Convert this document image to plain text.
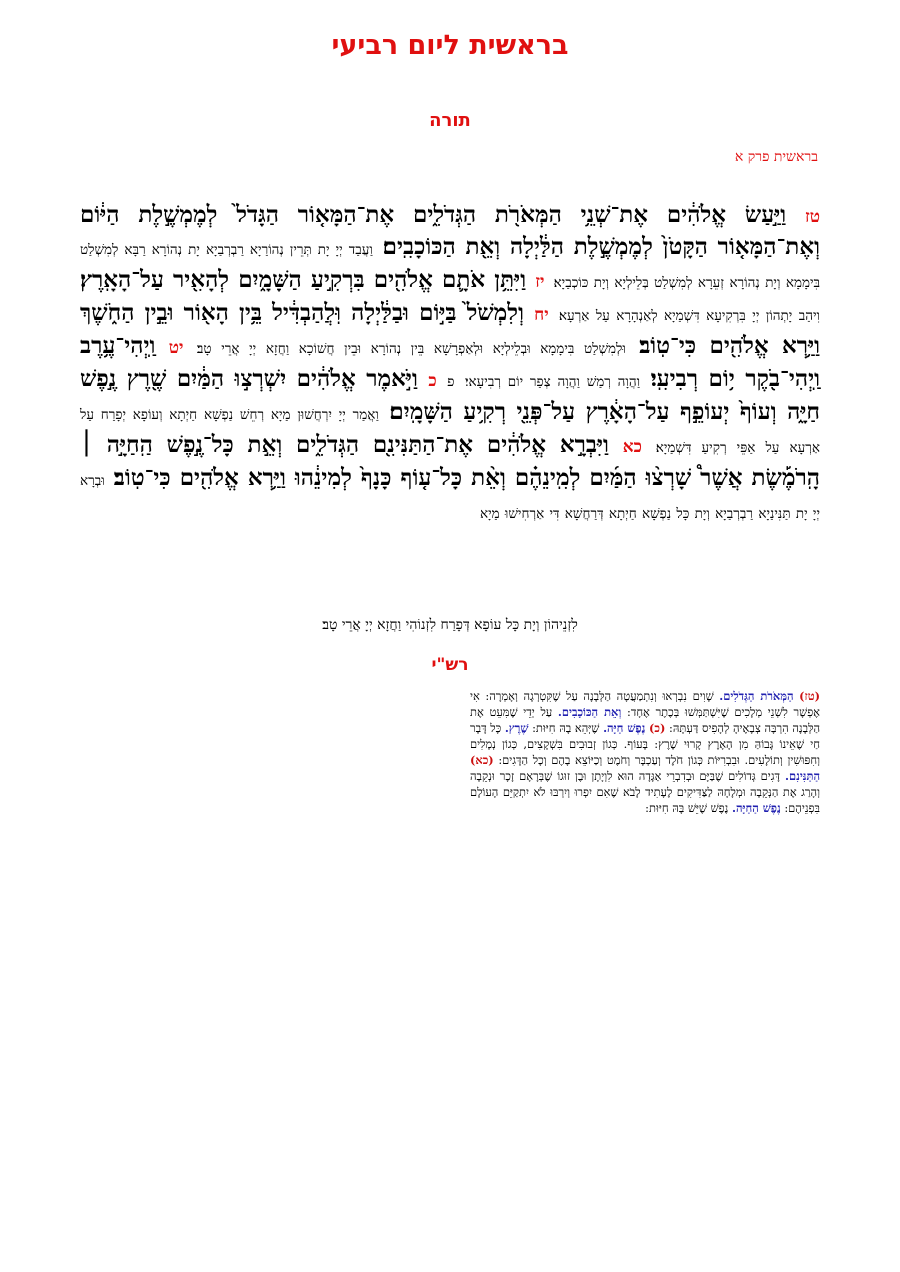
בראשית ליום רביעי
תורה
בראשית פרק א
טז וַיַּ֣עַשׂ אֱלֹהִ֔ים אֶת־שְׁנֵ֥י הַמְּאֹרֹ֖ת הַגְּדֹלִ֑ים אֶת־הַמָּא֤וֹר הַגָּדֹל֙ לְמֶמְשֶׁ֣לֶת הַיּ֔וֹם וְאֶת־הַמָּא֤וֹר הַקָּטֹן֙ לְמֶמְשֶׁ֣לֶת הַלַּ֔יְלָה וְאֵ֖ת הַכּוֹכָבִֽים׃ וַעֲבַד יְיָ יָת תְּרֵין נְהוֹרַיָא רַבְרְבַיָא יָת נְהוֹרָא רַבָּא לְמִשְׁלַט בִּימָמָא וְיָת נְהוֹרָא זְעֵרָא לְמִשְׁלַט בְּלֵילְיָא וְיָת כּוֹכְבַיָא׃ יז וַיִּתֵּ֥ן אֹתָ֛ם אֱלֹהִ֖ים בִּרְקִ֣יעַ הַשָּׁמָ֑יִם לְהָאִ֖יר עַל־הָאָֽרֶץ׃ וִיהַב יָתְהוֹן יְיָ בִּרְקִיעָא דִּשְׁמַיָא לְאַנְהָרָא עַל אַרְעָא׃ יח וְלִמְשֹׁל֙ בַּיּ֣וֹם וּבַלַּ֔יְלָה וּֽלֲהַבְדִּ֔יל בֵּ֥ין הָא֖וֹר וּבֵ֣ין הַחֹ֑שֶׁךְ וַיַּ֥רְא אֱלֹהִ֖ים כִּי־טֽוֹב׃ וּלְמִשְׁלַט בִּימָמָא וּבְלֵילְיָא וּלְאַפְרָשָׁא בֵּין נְהוֹרָא וּבֵין חֲשׁוֹכָא וַחֲזָא יְיָ אֲרֵי טָב׃ יט וַֽיְהִי־עֶ֥רֶב וַֽיְהִי־בֹ֖קֶר י֥וֹם רְבִיעִֽי׃ וַהֲוָה רְמַשׁ וַהֲוָה צְפַר יוֹם רְבִיעָאי׃ פ כ וַיֹּ֣אמֶר אֱלֹהִ֔ים יִשְׁרְצ֣וּ הַמַּ֔יִם שֶׁ֖רֶץ נֶ֣פֶשׁ חַיָּ֑ה וְעוֹף֙ יְעוֹפֵ֣ף עַל־הָאָ֔רֶץ עַל־פְּנֵ֖י רְקִ֥יעַ הַשָּׁמָֽיִם׃ וַאֲמַר יְיָ יִרְחֲשׁוּן מַיָא רְחֵשׁ נַפְשָׁא חַיְתָא וְעוֹפָא יְפָרַח עַל אַרְעָא עַל אַפֵּי רְקִיעַ דִּשְׁמַיָא׃ כא וַיִּבְרָ֣א אֱלֹהִ֔ים אֶת־הַתַּנִּינִ֖ם הַגְּדֹלִ֑ים וְאֵ֣ת כָּל־נֶ֣פֶשׁ הַֽחַיָּ֣ה ׀ הָֽרֹמֶ֡שֶׂת אֲשֶׁר֩ שָׁרְצ֨וּ הַמַּ֜יִם לְמִֽינֵהֶ֗ם וְאֵ֨ת כָּל־ע֤וֹף כָּנָף֙ לְמִינֵ֔הוּ וַיַּ֥רְא אֱלֹהִ֖ים כִּי־טֽוֹב׃ וּבְרָא יְיָ יָת תַּנִּינַיָא רַבְרְבַיָא וְיָת כָּל נַפְשָׁא חַיְתָא דְּרַחֲשָׁא דִּי אַרְחִישׁוּ מַיָא
לִזְנֵיהוֹן וְיָת כָּל עוֹפָא דְּפָרַח לִזְנוֹהִי וַחֲזָא יְיָ אֲרֵי טָב׃
רש"י
(טז) הַמְּאֹרֹת הַגְּדֹלִים. שָׁוִים נִבְרְאוּ וְנִתְמַעֲטָה הַלְּבָנָה עַל שֶׁקִּטְרְגָה וְאָמְרָה: אִי אֶפְשָׁר לִשְׁנֵי מְלָכִים שֶׁיִּשְׁתַּמְּשׁוּ בְּכֶתֶר אֶחָד: וְאֵת הַכּוֹכָבִים. עַל יְדֵי שֶׁמִּעֵט אֶת הַלְּבָנָה הִרְבָּה צְבָאֶיהָ לְהָפִיס דַּעְתָּהּ: (כ) נֶפֶשׁ חַיָּה. שֶׁיְּהֵא בָהּ חִיּוּת: שֶׁרֶץ. כָּל דָּבָר חַי שֶׁאֵינוֹ גָּבוֹהַּ מִן הָאָרֶץ קָרוּי שֶׁרֶץ: בָּעוֹף. כְּגוֹן זְבוּבִים בִּשְׁקָצִים, כְּגוֹן נְמָלִים וְחִפּוּשִׁין וְתוֹלָעִים. וּבִבְרִיּוֹת כְּגוֹן חֹלֶד וְעַכְבָּר וְחֹמֶט וְכַיּוֹצֵא בָהֶם וְכָל הַדָּגִים: (כא) הַתַּנִּינִם. דָּגִים גְּדוֹלִים שֶׁבַּיָּם וּבְדִבְרֵי אַגָּדָה הוּא לִוְיָתָן וּבֶן זוּגוֹ שֶׁבְּרָאָם זָכָר וּנְקֵבָה וְהָרַג אֶת הַנְּקֵבָה וּמְלָחָהּ לַצַּדִּיקִים לֶעָתִיד לָבֹא שֶׁאִם יִפְרוּ וְיִרְבּוּ לֹא יִתְקַיֵּם הָעוֹלָם בִּפְנֵיהֶם: נֶפֶשׁ הַחַיָּה. נֶפֶשׁ שֶׁיֵּשׁ בָּהּ חִיּוּת:
